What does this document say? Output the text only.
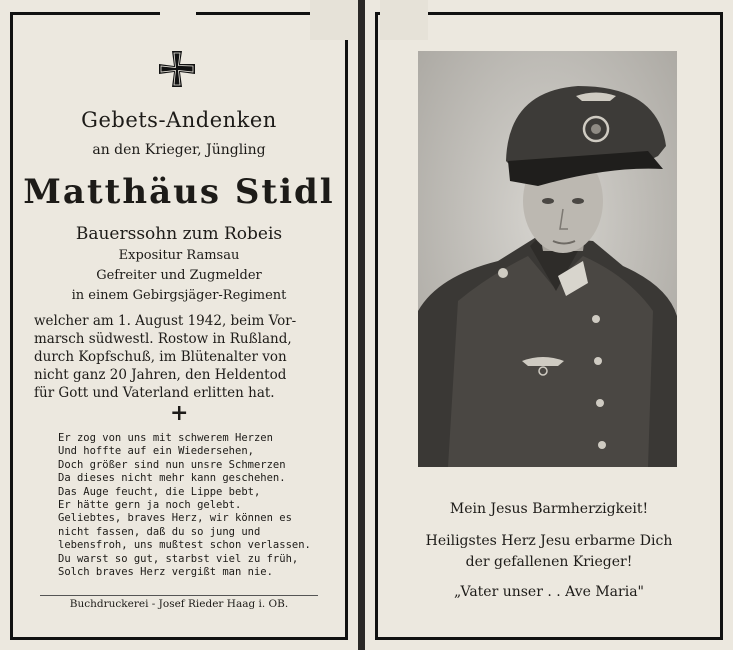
Gebets-Andenken
an den Krieger, Jüngling
Matthäus Stidl
Bauerssohn zum Robeis
Expositur Ramsau
Gefreiter und Zugmelder
in einem Gebirgsjäger-Regiment
welcher am 1. August 1942, beim Vor-
marsch südwestl. Rostow in Rußland,
durch Kopfschuß, im Blütenalter von
nicht ganz 20 Jahren, den Heldentod
für Gott und Vaterland erlitten hat.
+
Er zog von uns mit schwerem Herzen
Und hoffte auf ein Wiedersehen,
Doch größer sind nun unsre Schmerzen
Da dieses nicht mehr kann geschehen.
Das Auge feucht, die Lippe bebt,
Er hätte gern ja noch gelebt.
Geliebtes, braves Herz, wir können es
nicht fassen, daß du so jung und
lebensfroh, uns mußtest schon verlassen.
Du warst so gut, starbst viel zu früh,
Solch braves Herz vergißt man nie.
Buchdruckerei - Josef Rieder Haag i. OB.
Mein Jesus Barmherzigkeit!
Heiligstes Herz Jesu erbarme Dich
der gefallenen Krieger!
„Vater unser . . Ave Maria"
